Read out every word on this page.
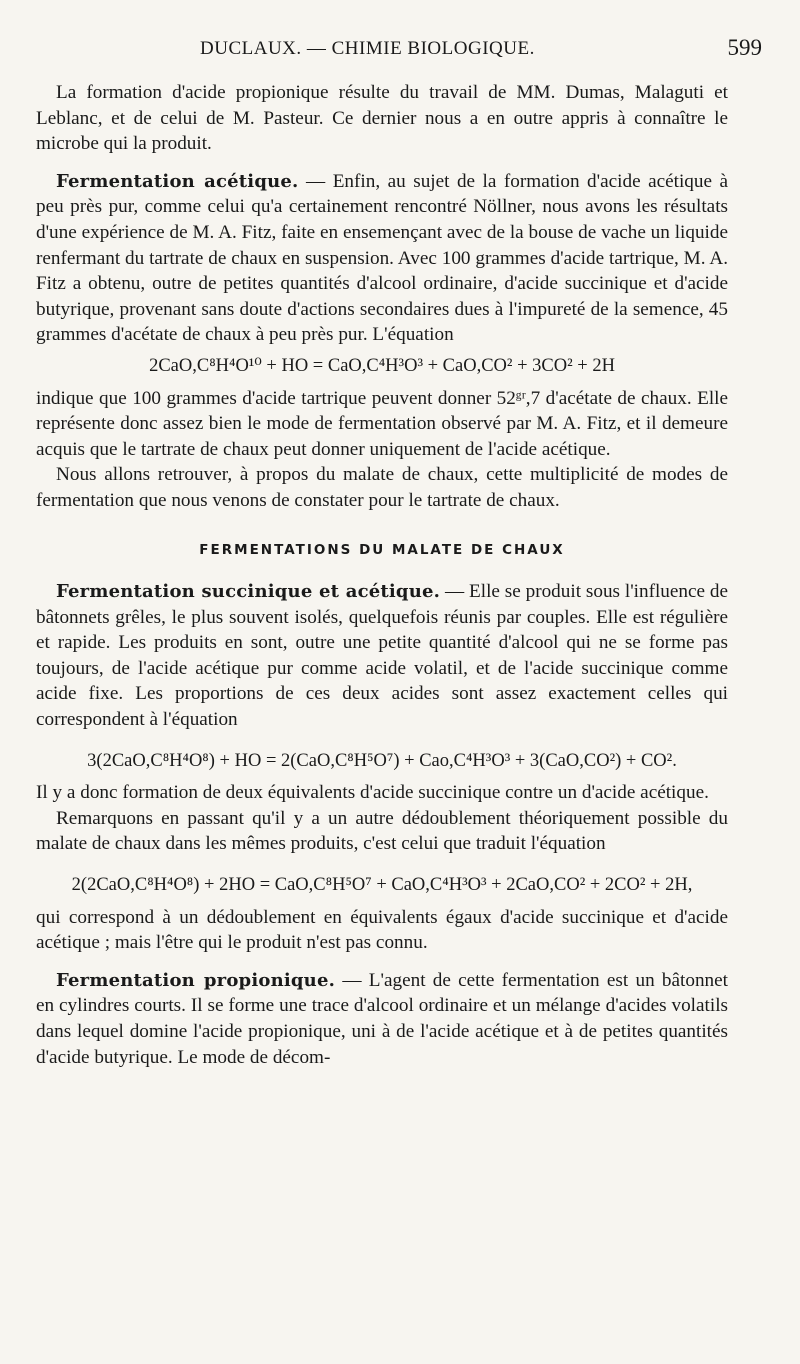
DUCLAUX. — CHIMIE BIOLOGIQUE.	599

La formation d'acide propionique résulte du travail de MM. Dumas, Malaguti et Leblanc, et de celui de M. Pasteur. Ce dernier nous a en outre appris à connaître le microbe qui la produit.

Fermentation acétique. — Enfin, au sujet de la formation d'acide acétique à peu près pur, comme celui qu'a certainement rencontré Nöllner, nous avons les résultats d'une expérience de M. A. Fitz, faite en ensemençant avec de la bouse de vache un liquide renfermant du tartrate de chaux en suspension. Avec 100 grammes d'acide tartrique, M. A. Fitz a obtenu, outre de petites quantités d'alcool ordinaire, d'acide succinique et d'acide butyrique, provenant sans doute d'actions secondaires dues à l'impureté de la semence, 45 grammes d'acétate de chaux à peu près pur. L'équation

2CaO,C⁸H⁴O¹⁰ + HO = CaO,C⁴H³O³ + CaO,CO² + 3CO² + 2H

indique que 100 grammes d'acide tartrique peuvent donner 52ᵍʳ,7 d'acétate de chaux. Elle représente donc assez bien le mode de fermentation observé par M. A. Fitz, et il demeure acquis que le tartrate de chaux peut donner uniquement de l'acide acétique.

Nous allons retrouver, à propos du malate de chaux, cette multiplicité de modes de fermentation que nous venons de constater pour le tartrate de chaux.

FERMENTATIONS DU MALATE DE CHAUX

Fermentation succinique et acétique. — Elle se produit sous l'influence de bâtonnets grêles, le plus souvent isolés, quelquefois réunis par couples. Elle est régulière et rapide. Les produits en sont, outre une petite quantité d'alcool qui ne se forme pas toujours, de l'acide acétique pur comme acide volatil, et de l'acide succinique comme acide fixe. Les proportions de ces deux acides sont assez exactement celles qui correspondent à l'équation

3(2CaO,C⁸H⁴O⁸) + HO = 2(CaO,C⁸H⁵O⁷) + Cao,C⁴H³O³ + 3(CaO,CO²) + CO².

Il y a donc formation de deux équivalents d'acide succinique contre un d'acide acétique.

Remarquons en passant qu'il y a un autre dédoublement théoriquement possible du malate de chaux dans les mêmes produits, c'est celui que traduit l'équation

2(2CaO,C⁸H⁴O⁸) + 2HO = CaO,C⁸H⁵O⁷ + CaO,C⁴H³O³ + 2CaO,CO² + 2CO² + 2H,

qui correspond à un dédoublement en équivalents égaux d'acide succinique et d'acide acétique ; mais l'être qui le produit n'est pas connu.

Fermentation propionique. — L'agent de cette fermentation est un bâtonnet en cylindres courts. Il se forme une trace d'alcool ordinaire et un mélange d'acides volatils dans lequel domine l'acide propionique, uni à de l'acide acétique et à de petites quantités d'acide butyrique. Le mode de décom-
